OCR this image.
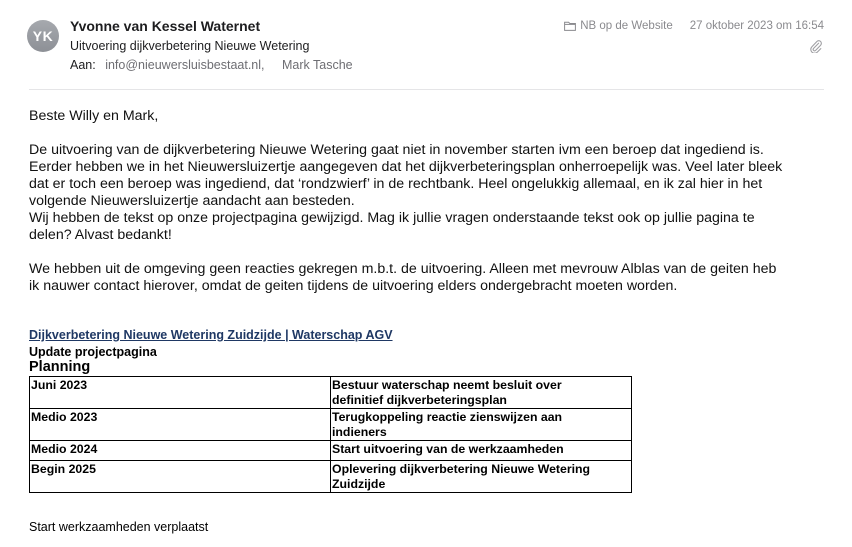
YK
Yvonne van Kessel Waternet
Uitvoering dijkverbetering Nieuwe Wetering
Aan: info@nieuwersluisbestaat.nl, Mark Tasche
NB op de Website 27 oktober 2023 om 16:54
Beste Willy en Mark,
De uitvoering van de dijkverbetering Nieuwe Wetering gaat niet in november starten ivm een beroep dat ingediend is.
Eerder hebben we in het Nieuwersluizertje aangegeven dat het dijkverbeteringsplan onherroepelijk was. Veel later bleek
dat er toch een beroep was ingediend, dat ‘rondzwierf’ in de rechtbank. Heel ongelukkig allemaal, en ik zal hier in het
volgende Nieuwersluizertje aandacht aan besteden.
Wij hebben de tekst op onze projectpagina gewijzigd. Mag ik jullie vragen onderstaande tekst ook op jullie pagina te
delen? Alvast bedankt!
We hebben uit de omgeving geen reacties gekregen m.b.t. de uitvoering. Alleen met mevrouw Alblas van de geiten heb
ik nauwer contact hierover, omdat de geiten tijdens de uitvoering elders ondergebracht moeten worden.
Dijkverbetering Nieuwe Wetering Zuidzijde | Waterschap AGV
Update projectpagina
Planning
Juni 2023	Bestuur waterschap neemt besluit over
definitief dijkverbeteringsplan

Medio 2023	Terugkoppeling reactie zienswijzen aan
indieners

Medio 2024	Start uitvoering van de werkzaamheden

Begin 2025	Oplevering dijkverbetering Nieuwe Wetering
Zuidzijde
Start werkzaamheden verplaatst
